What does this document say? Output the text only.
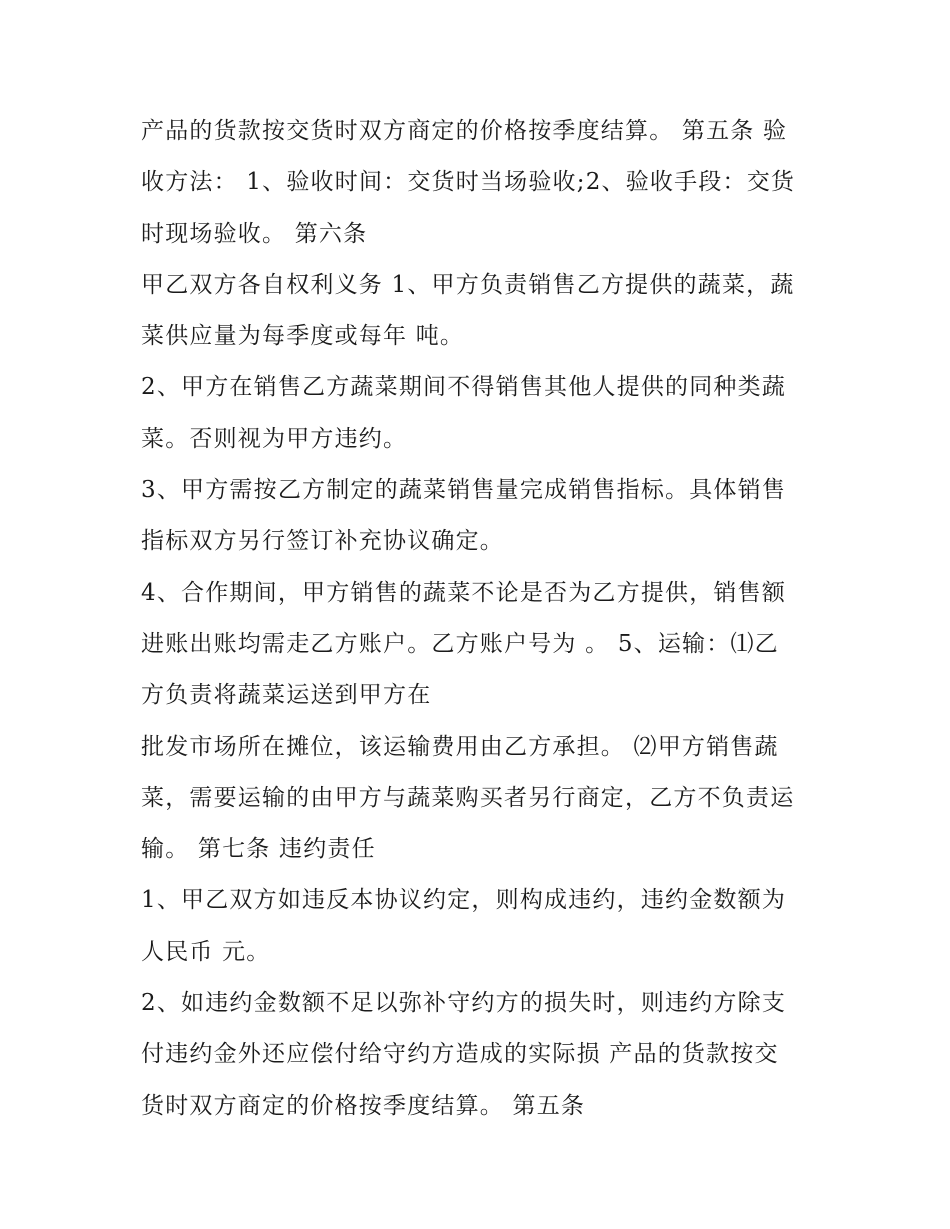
产品的货款按交货时双方商定的价格按季度结算。 第五条 验
收方法： 1、验收时间：交货时当场验收;2、验收手段：交货
时现场验收。 第六条
甲乙双方各自权利义务 1、甲方负责销售乙方提供的蔬菜，蔬
菜供应量为每季度或每年 吨。
2、甲方在销售乙方蔬菜期间不得销售其他人提供的同种类蔬
菜。否则视为甲方违约。
3、甲方需按乙方制定的蔬菜销售量完成销售指标。具体销售
指标双方另行签订补充协议确定。
4、合作期间，甲方销售的蔬菜不论是否为乙方提供，销售额
进账出账均需走乙方账户。乙方账户号为 。 5、运输：⑴乙
方负责将蔬菜运送到甲方在
批发市场所在摊位，该运输费用由乙方承担。 ⑵甲方销售蔬
菜，需要运输的由甲方与蔬菜购买者另行商定，乙方不负责运
输。 第七条 违约责任
1、甲乙双方如违反本协议约定，则构成违约，违约金数额为
人民币 元。
2、如违约金数额不足以弥补守约方的损失时，则违约方除支
付违约金外还应偿付给守约方造成的实际损 产品的货款按交
货时双方商定的价格按季度结算。 第五条
